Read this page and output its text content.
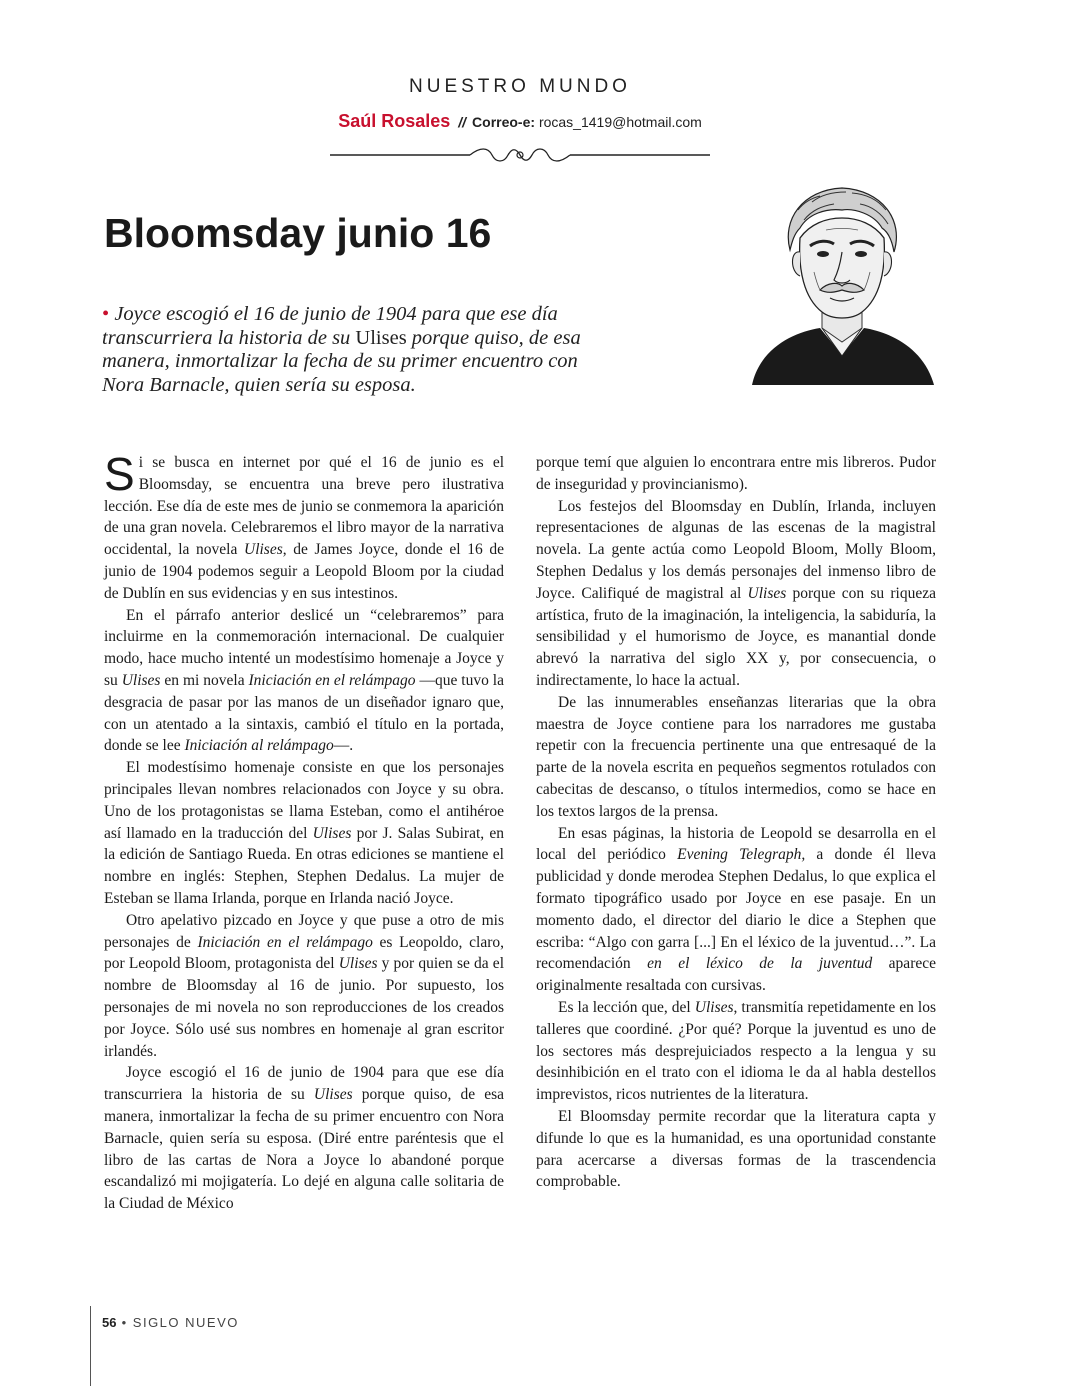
NUESTRO MUNDO
Saúl Rosales // Correo-e: rocas_1419@hotmail.com
Bloomsday junio 16
• Joyce escogió el 16 de junio de 1904 para que ese día transcurriera la historia de su Ulises porque quiso, de esa manera, inmortalizar la fecha de su primer encuentro con Nora Barnacle, quien sería su esposa.

Si se busca en internet por qué el 16 de junio es el Bloomsday, se encuentra una breve pero ilustrativa lección. Ese día de este mes de junio se conmemora la aparición de una gran novela. Celebraremos el libro mayor de la narrativa occidental, la novela Ulises, de James Joyce, donde el 16 de junio de 1904 podemos seguir a Leopold Bloom por la ciudad de Dublín en sus evidencias y en sus intestinos.

En el párrafo anterior deslicé un “celebraremos” para incluirme en la conmemoración internacional. De cualquier modo, hace mucho intenté un modestísimo homenaje a Joyce y su Ulises en mi novela Iniciación en el relámpago —que tuvo la desgracia de pasar por las manos de un diseñador ignaro que, con un atentado a la sintaxis, cambió el título en la portada, donde se lee Iniciación al relámpago—.

El modestísimo homenaje consiste en que los personajes principales llevan nombres relacionados con Joyce y su obra. Uno de los protagonistas se llama Esteban, como el antihéroe así llamado en la traducción del Ulises por J. Salas Subirat, en la edición de Santiago Rueda. En otras ediciones se mantiene el nombre en inglés: Stephen, Stephen Dedalus. La mujer de Esteban se llama Irlanda, porque en Irlanda nació Joyce.

Otro apelativo pizcado en Joyce y que puse a otro de mis personajes de Iniciación en el relámpago es Leopoldo, claro, por Leopold Bloom, protagonista del Ulises y por quien se da el nombre de Bloomsday al 16 de junio. Por supuesto, los personajes de mi novela no son reproducciones de los creados por Joyce. Sólo usé sus nombres en homenaje al gran escritor irlandés.

Joyce escogió el 16 de junio de 1904 para que ese día transcurriera la historia de su Ulises porque quiso, de esa manera, inmortalizar la fecha de su primer encuentro con Nora Barnacle, quien sería su esposa. (Diré entre paréntesis que el libro de las cartas de Nora a Joyce lo abandoné porque escandalizó mi mojigatería. Lo dejé en alguna calle solitaria de la Ciudad de México

porque temí que alguien lo encontrara entre mis libreros. Pudor de inseguridad y provincianismo).

Los festejos del Bloomsday en Dublín, Irlanda, incluyen representaciones de algunas de las escenas de la magistral novela. La gente actúa como Leopold Bloom, Molly Bloom, Stephen Dedalus y los demás personajes del inmenso libro de Joyce. Califiqué de magistral al Ulises porque con su riqueza artística, fruto de la imaginación, la inteligencia, la sabiduría, la sensibilidad y el humorismo de Joyce, es manantial donde abrevó la narrativa del siglo XX y, por consecuencia, o indirectamente, lo hace la actual.

De las innumerables enseñanzas literarias que la obra maestra de Joyce contiene para los narradores me gustaba repetir con la frecuencia pertinente una que entresaqué de la parte de la novela escrita en pequeños segmentos rotulados con cabecitas de descanso, o títulos intermedios, como se hace en los textos largos de la prensa.

En esas páginas, la historia de Leopold se desarrolla en el local del periódico Evening Telegraph, a donde él lleva publicidad y donde merodea Stephen Dedalus, lo que explica el formato tipográfico usado por Joyce en ese pasaje. En un momento dado, el director del diario le dice a Stephen que escriba: “Algo con garra [...] En el léxico de la juventud…”. La recomendación en el léxico de la juventud aparece originalmente resaltada con cursivas.

Es la lección que, del Ulises, transmitía repetidamente en los talleres que coordiné. ¿Por qué? Porque la juventud es uno de los sectores más desprejuiciados respecto a la lengua y su desinhibición en el trato con el idioma le da al habla destellos imprevistos, ricos nutrientes de la literatura.

El Bloomsday permite recordar que la literatura capta y difunde lo que es la humanidad, es una oportunidad constante para acercarse a diversas formas de la trascendencia comprobable.

56 • SIGLO NUEVO
